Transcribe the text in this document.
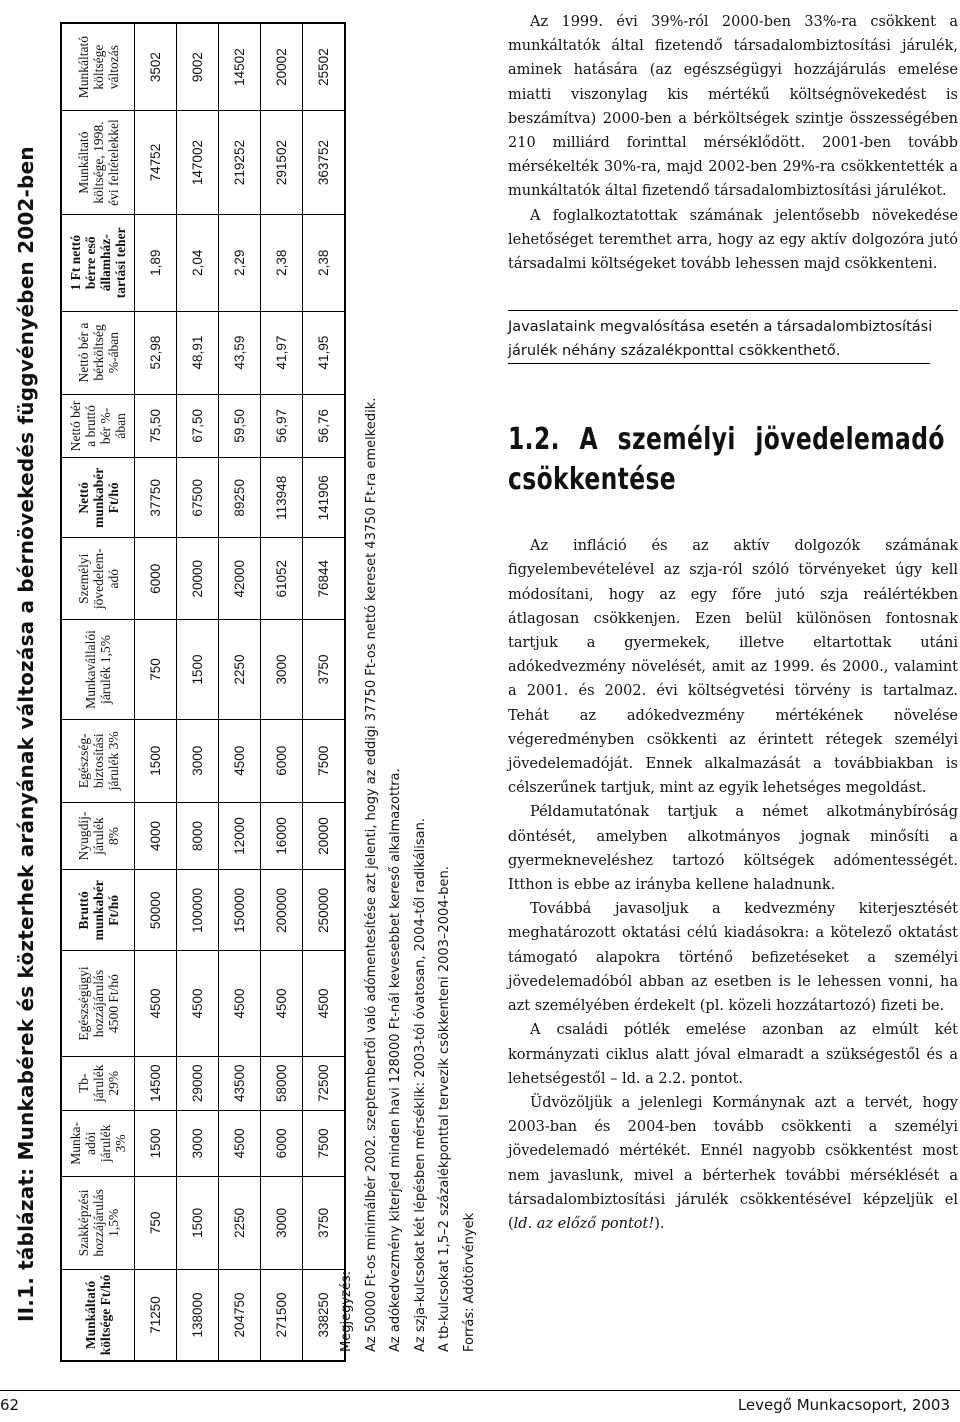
II.1. táblázat: Munkabérek és közterhek arányának változása a bérnövekedés függvényében 2002-ben	Munkáltató költsége Ft/hó	Szakképzési hozzájárulás 1,5%	Munka-adói járulék 3%	Tb-járulék 29%	Egészségügyi hozzájárulás 4500 Ft/hó	Bruttó munkabér Ft/hó	Nyugdíj-járulék 8%	Egészség-biztosítási járulék 3%	Munkavállalói járulék 1,5%	Személyi jövedelem-adó	Nettó munkabér Ft/hó	Nettó bér a bruttó bér %-ában	Nettó bér a bérköltség %-ában	1 Ft nettó bérre eső államház-tartási teher	Munkáltató költsége, 1998. évi feltételekkel	Munkáltató költsége változás
71250	750	1500	14500	4500	50000	4000	1500	750	6000	37750	75,50	52,98	1,89	74752	3502
138000	1500	3000	29000	4500	100000	8000	3000	1500	20000	67500	67,50	48,91	2,04	147002	9002
204750	2250	4500	43500	4500	150000	12000	4500	2250	42000	89250	59,50	43,59	2,29	219252	14502
271500	3000	6000	58000	4500	200000	16000	6000	3000	61052	113948	56,97	41,97	2,38	291502	20002
338250	3750	7500	72500	4500	250000	20000	7500	3750	76844	141906	56,76	41,95	2,38	363752	25502
Megjegyzés: Az 50000 Ft-os minimálbér 2002. szeptembertől való adómentesítése azt jelenti, hogy az eddigi 37750 Ft-os nettó kereset 43750 Ft-ra emelkedik. Az adókedvezmény kiterjed minden havi 128000 Ft-nál kevesebbet kereső alkalmazottra. Az szja-kulcsokat két lépésben mérséklik: 2003-tól óvatosan, 2004-től radikálisan. A tb-kulcsokat 1,5–2 százalékponttal tervezik csökkenteni 2003–2004-ben. Forrás: Adótörvények

Az 1999. évi 39%-ról 2000-ben 33%-ra csökkent a munkáltatók által fizetendő társadalombiztosítási járulék, aminek hatására (az egészségügyi hozzájárulás emelése miatti viszonylag kis mértékű költségnövekedést is beszámítva) 2000-ben a bérköltségek szintje összességében 210 milliárd forinttal mérséklődött. 2001-ben tovább mérsékelték 30%-ra, majd 2002-ben 29%-ra csökkentették a munkáltatók által fizetendő társadalombiztosítási járulékot.

A foglalkoztatottak számának jelentősebb növekedése lehetőséget teremthet arra, hogy az egy aktív dolgozóra jutó társadalmi költségeket tovább lehessen majd csökkenteni.

Javaslataink megvalósítása esetén a társadalombiztosítási járulék néhány százalékponttal csökkenthető.

1.2. A személyi jövedelemadó csökkentése

Az infláció és az aktív dolgozók számának figyelembevételével az szja-ról szóló törvényeket úgy kell módosítani, hogy az egy főre jutó szja reálértékben átlagosan csökkenjen. Ezen belül különösen fontosnak tartjuk a gyermekek, illetve eltartottak utáni adókedvezmény növelését, amit az 1999. és 2000., valamint a 2001. és 2002. évi költségvetési törvény is tartalmaz. Tehát az adókedvezmény mértékének növelése végeredményben csökkenti az érintett rétegek személyi jövedelemadóját. Ennek alkalmazását a továbbiakban is célszerűnek tartjuk, mint az egyik lehetséges megoldást.

Példamutatónak tartjuk a német alkotmánybíróság döntését, amelyben alkotmányos jognak minősíti a gyermekneveléshez tartozó költségek adómentességét. Itthon is ebbe az irányba kellene haladnunk.

Továbbá javasoljuk a kedvezmény kiterjesztését meghatározott oktatási célú kiadásokra: a kötelező oktatást támogató alapokra történő befizetéseket a személyi jövedelemadóból abban az esetben is le lehessen vonni, ha azt személyében érdekelt (pl. közeli hozzátartozó) fizeti be.

A családi pótlék emelése azonban az elmúlt két kormányzati ciklus alatt jóval elmaradt a szükségestől és a lehetségestől – ld. a 2.2. pontot.

Üdvözöljük a jelenlegi Kormánynak azt a tervét, hogy 2003-ban és 2004-ben tovább csökkenti a személyi jövedelemadó mértékét. Ennél nagyobb csökkentést most nem javaslunk, mivel a bérterhek további mérséklését a társadalombiztosítási járulék csökkentésével képzeljük el (ld. az előző pontot!).

62	Levegő Munkacsoport, 2003
